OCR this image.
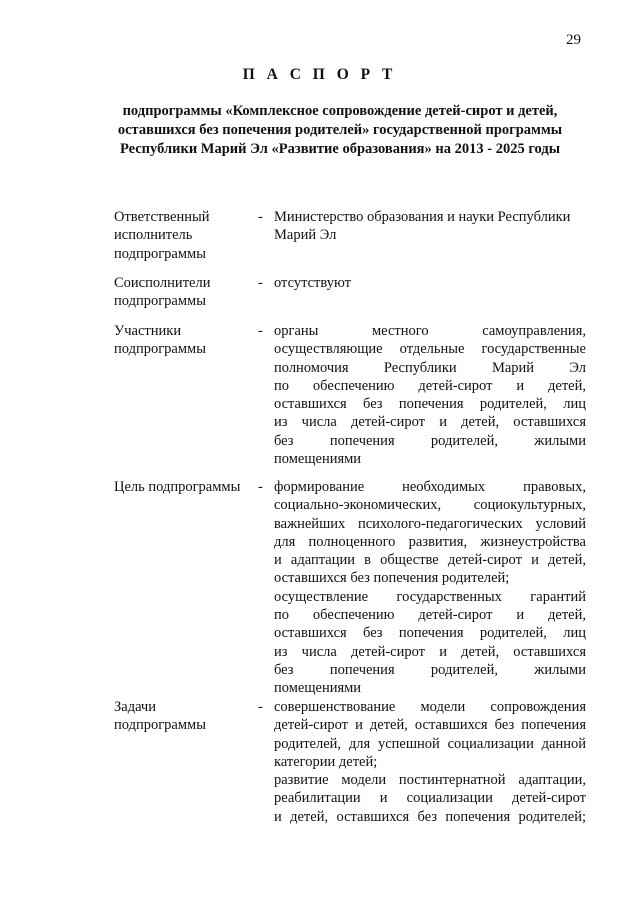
29
П А С П О Р Т
подпрограммы «Комплексное сопровождение детей-сирот и детей,
оставшихся без попечения родителей» государственной программы
Республики Марий Эл «Развитие образования» на 2013 - 2025 годы
Ответственный
исполнитель
подпрограммы
- Министерство образования и науки Республики
Марий Эл
Соисполнители
подпрограммы
- отсутствуют
Участники
подпрограммы
- органы местного самоуправления,
осуществляющие отдельные государственные
полномочия Республики Марий Эл
по обеспечению детей-сирот и детей,
оставшихся без попечения родителей, лиц
из числа детей-сирот и детей, оставшихся
без попечения родителей, жилыми
помещениями
Цель подпрограммы	- формирование необходимых правовых,
социально-экономических, социокультурных,
важнейших психолого-педагогических условий
для полноценного развития, жизнеустройства
и адаптации в обществе детей-сирот и детей,
оставшихся без попечения родителей;
осуществление государственных гарантий
по обеспечению детей-сирот и детей,
оставшихся без попечения родителей, лиц
из числа детей-сирот и детей, оставшихся
без попечения родителей, жилыми
помещениями
Задачи
подпрограммы
- совершенствование модели сопровождения
детей-сирот и детей, оставшихся без попечения
родителей, для успешной социализации данной
категории детей;
развитие модели постинтернатной адаптации,
реабилитации и социализации детей-сирот
и детей, оставшихся без попечения родителей;
